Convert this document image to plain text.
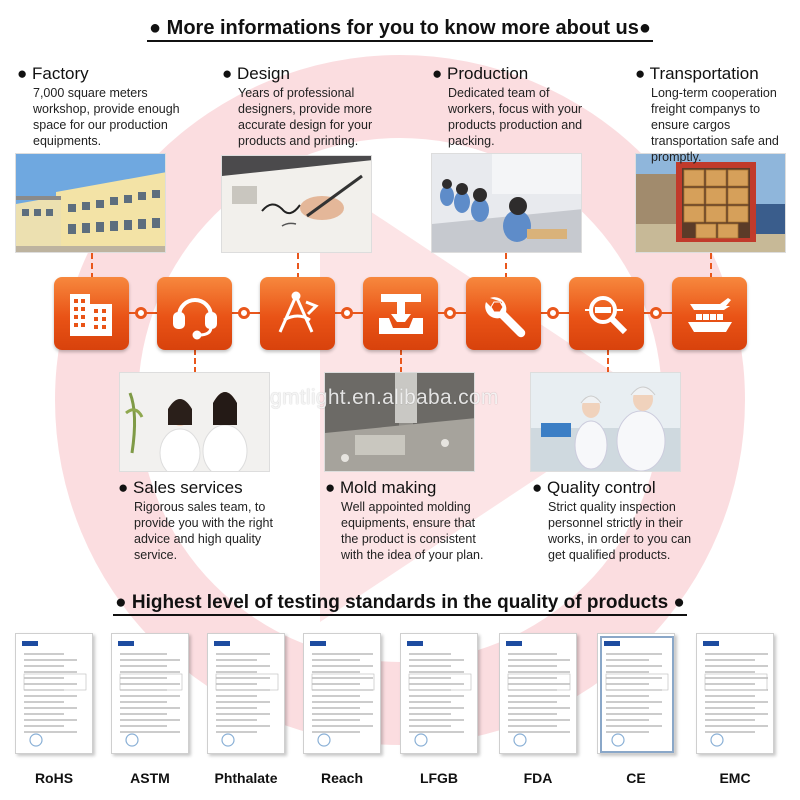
● More informations for you to know more about us●
● Factory
7,000 square meters workshop, provide enough space for our production equipments.
● Design
Years of professional designers, provide more accurate design for your products and printing.
● Production
Dedicated team of workers, focus with your products production and packing.
● Transportation
Long-term cooperation freight companys to ensure cargos transportation safe and promptly.
gmtlight.en.alibaba.com
● Sales services
Rigorous sales team, to provide you with the right advice and high quality service.
● Mold making
Well appointed molding equipments, ensure that the product is consistent with the idea of your plan.
● Quality control
Strict quality inspection personnel strictly in their works, in order to you can get qualified products.
● Highest level of testing standards in the quality of products ●
RoHS	ASTM	Phthalate	Reach	LFGB	FDA	CE	EMC
